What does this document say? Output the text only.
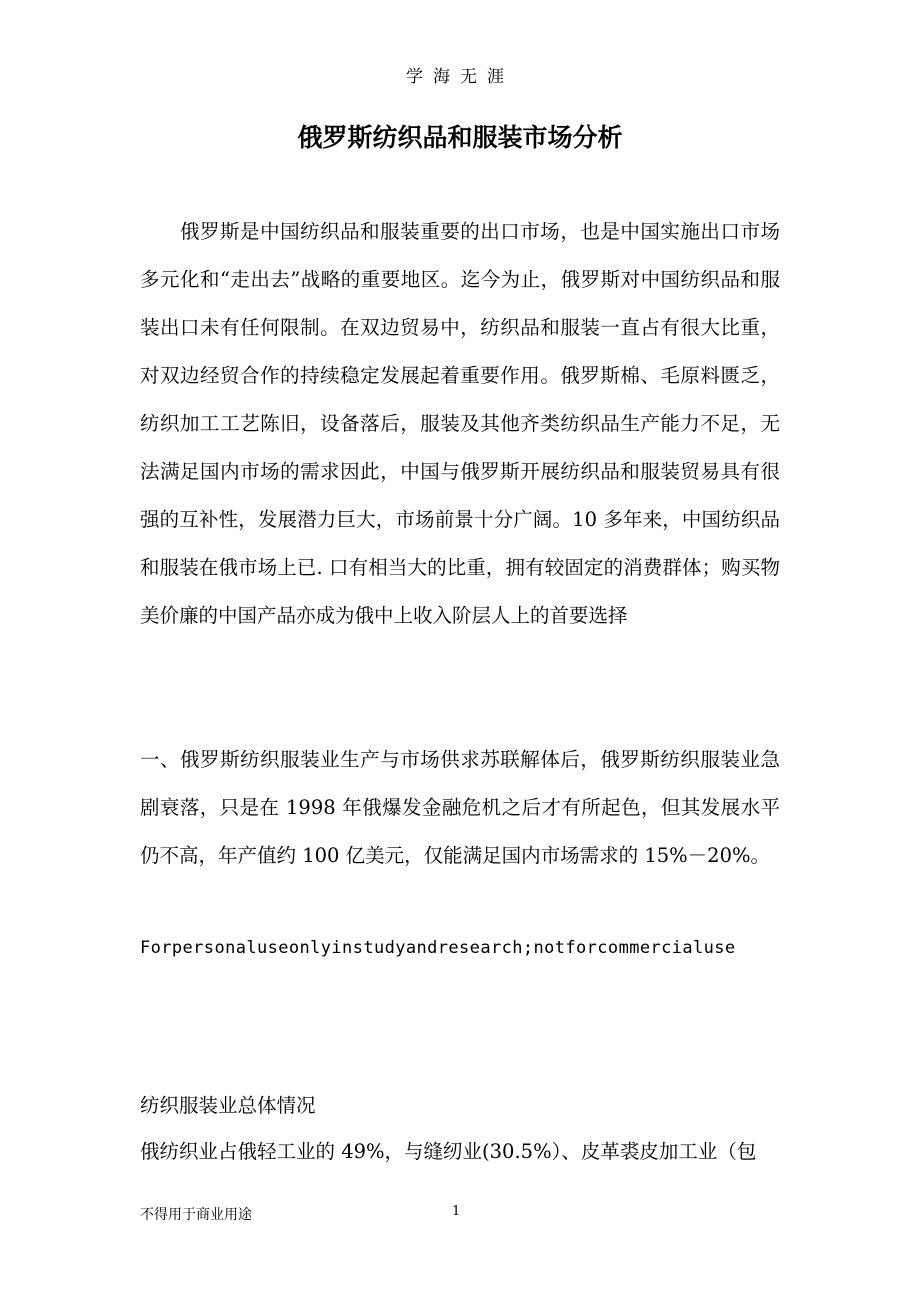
学海无涯
俄罗斯纺织品和服装市场分析

俄罗斯是中国纺织品和服装重要的出口市场，也是中国实施出口市场多元化和“走出去”战略的重要地区。迄今为止，俄罗斯对中国纺织品和服装出口未有任何限制。在双边贸易中，纺织品和服装一直占有很大比重，对双边经贸合作的持续稳定发展起着重要作用。俄罗斯棉、毛原料匮乏，纺织加工工艺陈旧，设备落后，服装及其他齐类纺织品生产能力不足，无法满足国内市场的需求因此，中国与俄罗斯开展纺织品和服装贸易具有很强的互补性，发展潜力巨大，市场前景十分广阔。10 多年来，中国纺织品和服装在俄市场上已. 口有相当大的比重，拥有较固定的消费群体；购买物美价廉的中国产品亦成为俄中上收入阶层人上的首要选择

一、俄罗斯纺织服装业生产与市场供求苏联解体后，俄罗斯纺织服装业急剧衰落，只是在 1998 年俄爆发金融危机之后才有所起色，但其发展水平仍不高，年产值约 100 亿美元，仅能满足国内市场需求的 15%－20%。

Forpersonaluseonlyinstudyandresearch;notforcommercialuse

纺织服装业总体情况

俄纺织业占俄轻工业的 49%，与缝纫业(30.5%）、皮革裘皮加工业（包

不得用于商业用途	1
